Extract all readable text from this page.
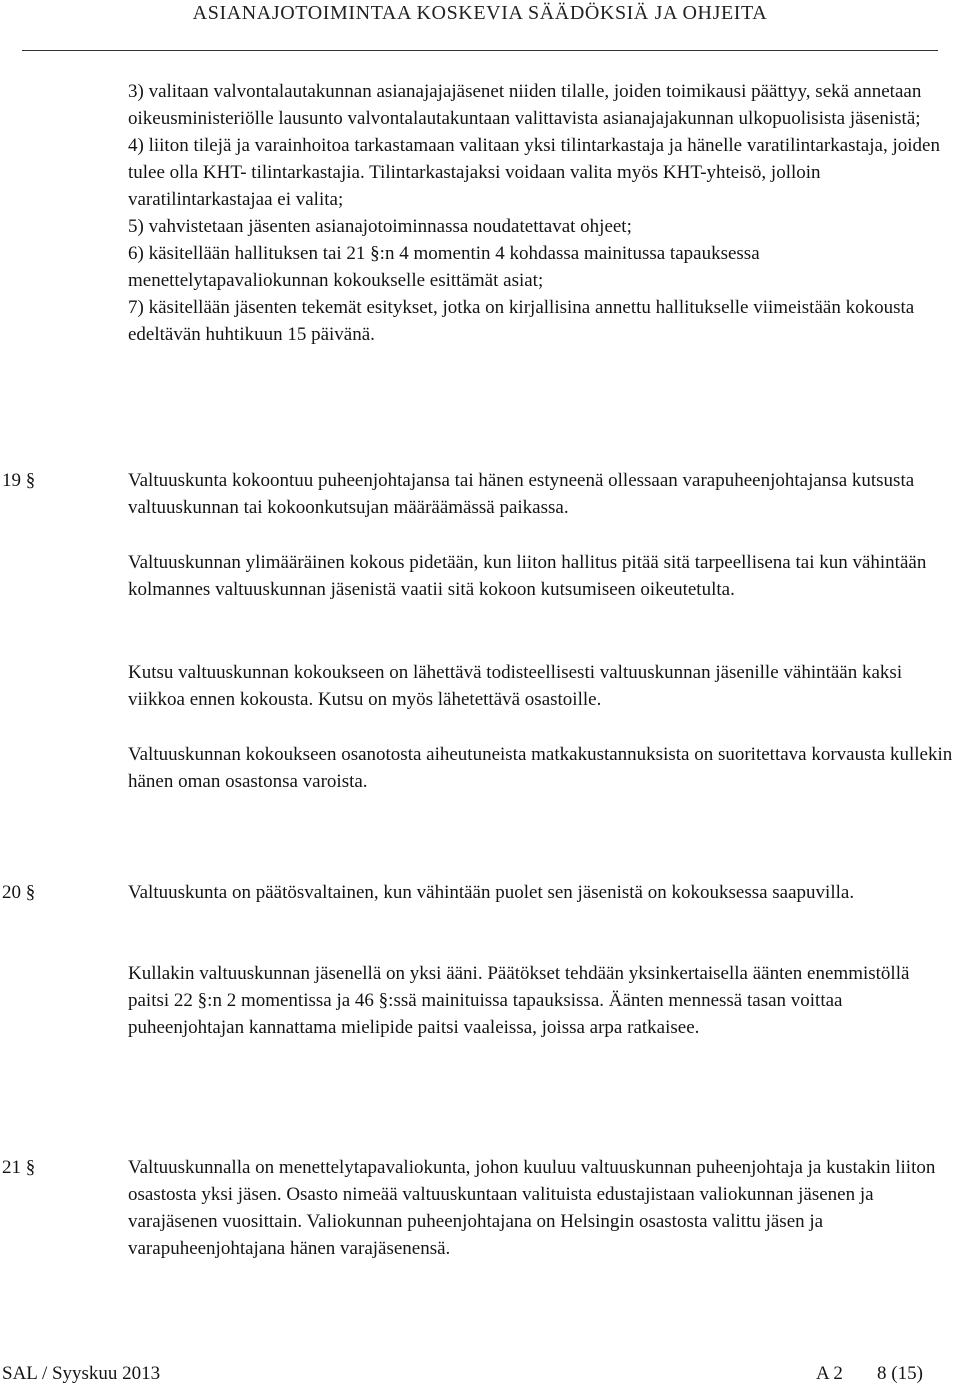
ASIANAJOTOIMINTAA KOSKEVIA SÄÄDÖKSIÄ JA OHJEITA

3) valitaan valvontalautakunnan asianajajajäsenet niiden tilalle, joiden toimikausi päättyy, sekä annetaan oikeusministeriölle lausunto valvontalautakuntaan valittavista asianajajakunnan ulkopuolisista jäsenistä;

4) liiton tilejä ja varainhoitoa tarkastamaan valitaan yksi tilintarkastaja ja hänelle varatilintarkastaja, joiden tulee olla KHT- tilintarkastajia. Tilintarkastajaksi voidaan valita myös KHT-yhteisö, jolloin varatilintarkastajaa ei valita;

5) vahvistetaan jäsenten asianajotoiminnassa noudatettavat ohjeet;

6) käsitellään hallituksen tai 21 §:n 4 momentin 4 kohdassa mainitussa tapauksessa menettelytapavaliokunnan kokoukselle esittämät asiat;

7) käsitellään jäsenten tekemät esitykset, jotka on kirjallisina annettu hallitukselle viimeistään kokousta edeltävän huhtikuun 15 päivänä.

19 §	Valtuuskunta kokoontuu puheenjohtajansa tai hänen estyneenä ollessaan varapuheenjohtajansa kutsusta valtuuskunnan tai kokoonkutsujan määräämässä paikassa.

Valtuuskunnan ylimääräinen kokous pidetään, kun liiton hallitus pitää sitä tarpeellisena tai kun vähintään kolmannes valtuuskunnan jäsenistä vaatii sitä kokoon kutsumiseen oikeutetulta.

Kutsu valtuuskunnan kokoukseen on lähettävä todisteellisesti valtuuskunnan jäsenille vähintään kaksi viikkoa ennen kokousta. Kutsu on myös lähetettävä osastoille.

Valtuuskunnan kokoukseen osanotosta aiheutuneista matkakustannuksista on suoritettava korvausta kullekin hänen oman osastonsa varoista.

20 §	Valtuuskunta on päätösvaltainen, kun vähintään puolet sen jäsenistä on kokouksessa saapuvilla.

Kullakin valtuuskunnan jäsenellä on yksi ääni. Päätökset tehdään yksinkertaisella äänten enemmistöllä paitsi 22 §:n 2 momentissa ja 46 §:ssä mainituissa tapauksissa. Äänten mennessä tasan voittaa puheenjohtajan kannattama mielipide paitsi vaaleissa, joissa arpa ratkaisee.

21 §	Valtuuskunnalla on menettelytapavaliokunta, johon kuuluu valtuuskunnan puheenjohtaja ja kustakin liiton osastosta yksi jäsen. Osasto nimeää valtuuskuntaan valituista edustajistaan valiokunnan jäsenen ja varajäsenen vuosittain. Valiokunnan puheenjohtajana on Helsingin osastosta valittu jäsen ja varapuheenjohtajana hänen varajäsenensä.

SAL / Syyskuu 2013	A 2 8 (15)
